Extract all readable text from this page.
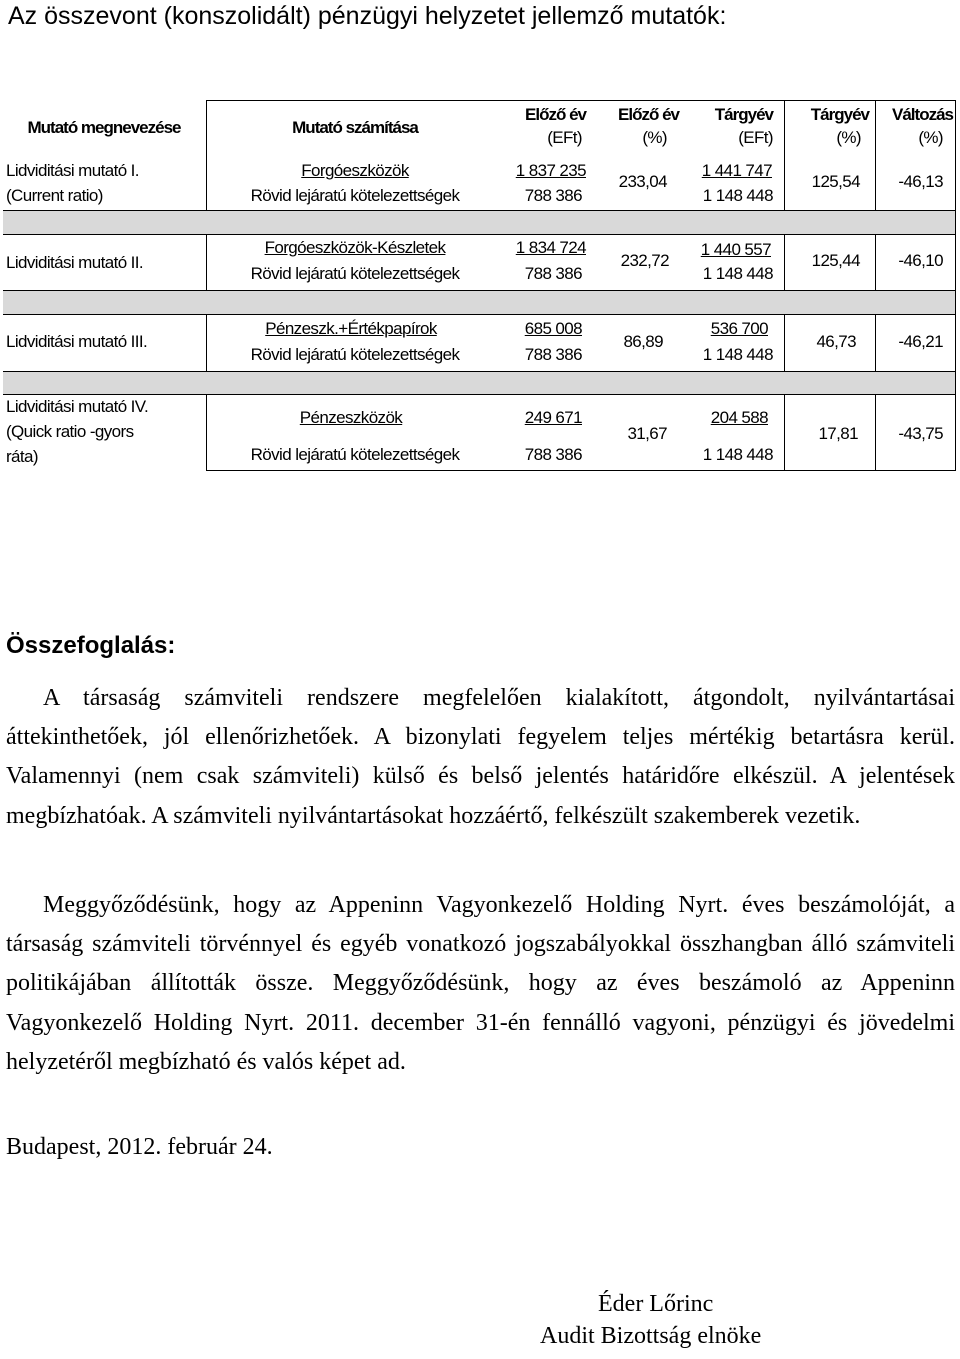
Az összevont (konszolidált) pénzügyi helyzetet jellemző mutatók:
Mutató megnevezése	Mutató számítása
Előző év
(EFt)
Előző év
(%)
Tárgyév
(EFt)
Tárgyév
(%)
Változás
(%)
Lidviditási mutató I.
(Current ratio)
Forgóeszközök
Rövid lejáratú kötelezettségek
1 837 235
788 386
233,04
1 441 747
1 148 448
125,54 -46,13
Lidviditási mutató II.
Forgóeszközök-Készletek
Rövid lejáratú kötelezettségek
1 834 724
788 386
232,72
1 440 557
1 148 448
125,44 -46,10
Lidviditási mutató III.
Pénzeszk.+Értékpapírok
Rövid lejáratú kötelezettségek
685 008
788 386
86,89
536 700
1 148 448
46,73 -46,21
Lidviditási mutató IV.
(Quick ratio -gyors
ráta)
Pénzeszközök
Rövid lejáratú kötelezettségek
249 671
788 386
31,67
204 588
1 148 448
17,81 -43,75
Összefoglalás:
A társaság számviteli rendszere megfelelően kialakított, átgondolt, nyilvántartásai áttekinthetőek, jól ellenőrizhetőek. A bizonylati fegyelem teljes mértékig betartásra kerül. Valamennyi (nem csak számviteli) külső és belső jelentés határidőre elkészül. A jelentések megbízhatóak. A számviteli nyilvántartásokat hozzáértő, felkészült szakemberek vezetik.
Meggyőződésünk, hogy az Appeninn Vagyonkezelő Holding Nyrt. éves beszámolóját, a társaság számviteli törvénnyel és egyéb vonatkozó jogszabályokkal összhangban álló számviteli politikájában állították össze. Meggyőződésünk, hogy az éves beszámoló az Appeninn Vagyonkezelő Holding Nyrt. 2011. december 31-én fennálló vagyoni, pénzügyi és jövedelmi helyzetéről megbízható és valós képet ad.
Budapest, 2012. február 24.
Éder Lőrinc
Audit Bizottság elnöke
